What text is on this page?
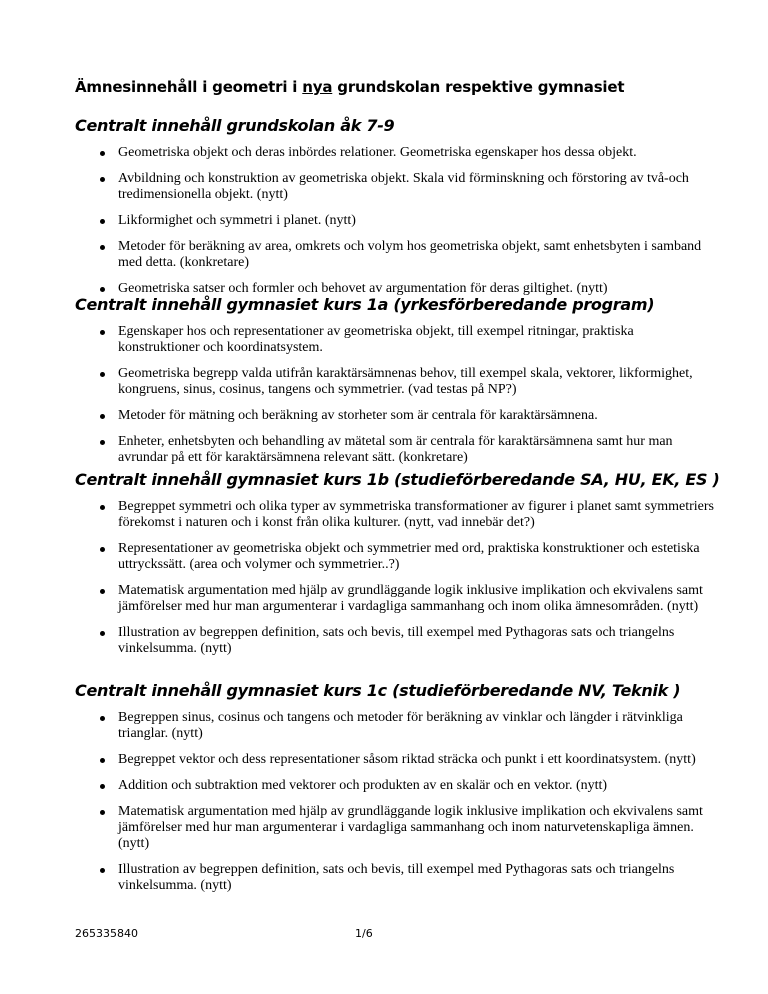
Ämnesinnehåll i geometri i nya grundskolan respektive gymnasiet
Centralt innehåll grundskolan åk 7-9
Geometriska objekt och deras inbördes relationer. Geometriska egenskaper hos dessa objekt.
Avbildning och konstruktion av geometriska objekt. Skala vid förminskning och förstoring av två-och tredimensionella objekt. (nytt)
Likformighet och symmetri i planet. (nytt)
Metoder för beräkning av area, omkrets och volym hos geometriska objekt, samt enhetsbyten i samband med detta. (konkretare)
Geometriska satser och formler och behovet av argumentation för deras giltighet. (nytt)
Centralt innehåll gymnasiet kurs 1a (yrkesförberedande program)
Egenskaper hos och representationer av geometriska objekt, till exempel ritningar, praktiska konstruktioner och koordinatsystem.
Geometriska begrepp valda utifrån karaktärsämnenas behov, till exempel skala, vektorer, likformighet, kongruens, sinus, cosinus, tangens och symmetrier. (vad testas på NP?)
Metoder för mätning och beräkning av storheter som är centrala för karaktärsämnena.
Enheter, enhetsbyten och behandling av mätetal som är centrala för karaktärsämnena samt hur man avrundar på ett för karaktärsämnena relevant sätt. (konkretare)
Centralt innehåll gymnasiet kurs 1b (studieförberedande SA, HU, EK, ES )
Begreppet symmetri och olika typer av symmetriska transformationer av figurer i planet samt symmetriers förekomst i naturen och i konst från olika kulturer. (nytt, vad innebär det?)
Representationer av geometriska objekt och symmetrier med ord, praktiska konstruktioner och estetiska uttryckssätt. (area och volymer och symmetrier..?)
Matematisk argumentation med hjälp av grundläggande logik inklusive implikation och ekvivalens samt jämförelser med hur man argumenterar i vardagliga sammanhang och inom olika ämnesområden. (nytt)
Illustration av begreppen definition, sats och bevis, till exempel med Pythagoras sats och triangelns vinkelsumma. (nytt)
Centralt innehåll gymnasiet kurs 1c (studieförberedande NV, Teknik )
Begreppen sinus, cosinus och tangens och metoder för beräkning av vinklar och längder i rätvinkliga trianglar. (nytt)
Begreppet vektor och dess representationer såsom riktad sträcka och punkt i ett koordinatsystem. (nytt)
Addition och subtraktion med vektorer och produkten av en skalär och en vektor. (nytt)
Matematisk argumentation med hjälp av grundläggande logik inklusive implikation och ekvivalens samt jämförelser med hur man argumenterar i vardagliga sammanhang och inom naturvetenskapliga ämnen. (nytt)
Illustration av begreppen definition, sats och bevis, till exempel med Pythagoras sats och triangelns vinkelsumma. (nytt)
265335840	1/6
